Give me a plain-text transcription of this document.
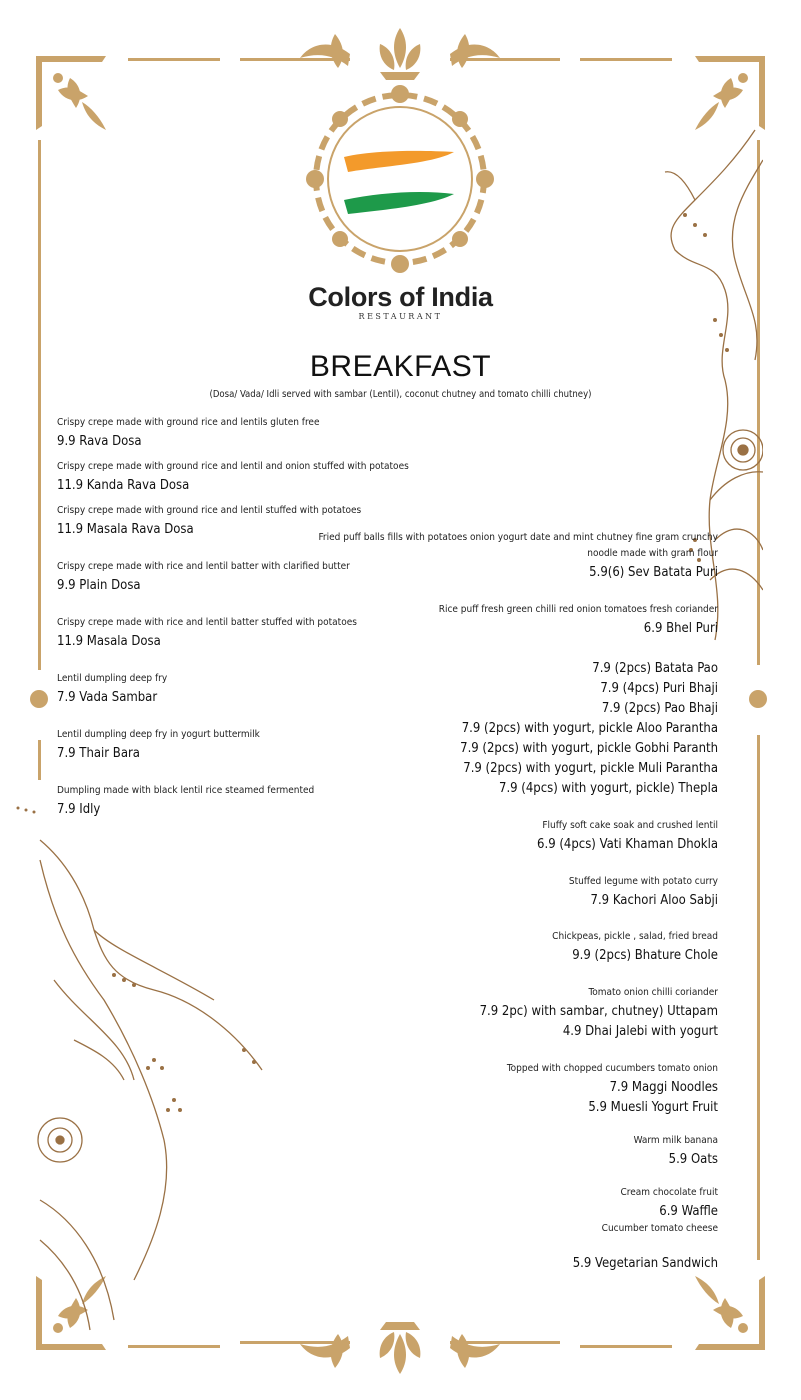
Colors of India
RESTAURANT
BREAKFAST
(Dosa/ Vada/ Idli served with sambar (Lentil), coconut chutney and tomato chilli chutney)
Crispy crepe made with ground rice and lentils gluten free
9.9 Rava Dosa
Crispy crepe made with ground rice and lentil and onion stuffed with potatoes
11.9 Kanda Rava Dosa
Crispy crepe made with ground rice and lentil stuffed with potatoes
11.9 Masala Rava Dosa
Crispy crepe made with rice and lentil batter with clarified butter
9.9 Plain Dosa
Crispy crepe made with rice and lentil batter stuffed with potatoes
11.9 Masala Dosa
Lentil dumpling deep fry
7.9 Vada Sambar
Lentil dumpling deep fry in yogurt buttermilk
7.9 Thair Bara
Dumpling made with black lentil rice steamed fermented
7.9 Idly
Fried puff balls fills with potatoes onion yogurt date and mint chutney fine gram crunchy
noodle made with gram flour
5.9(6) Sev Batata Puri
Rice puff fresh green chilli red onion tomatoes fresh coriander
6.9 Bhel Puri
7.9 (2pcs) Batata Pao
7.9 (4pcs) Puri Bhaji
7.9 (2pcs) Pao Bhaji
7.9 (2pcs) with yogurt, pickle Aloo Parantha
7.9 (2pcs) with yogurt, pickle Gobhi Paranth
7.9 (2pcs) with yogurt, pickle Muli Parantha
7.9 (4pcs) with yogurt, pickle) Thepla
Fluffy soft cake soak and crushed lentil
6.9 (4pcs) Vati Khaman Dhokla
Stuffed legume with potato curry
7.9 Kachori Aloo Sabji
Chickpeas, pickle , salad, fried bread
9.9 (2pcs) Bhature Chole
Tomato onion chilli coriander
7.9 2pc) with sambar, chutney) Uttapam
4.9 Dhai Jalebi with yogurt
Topped with chopped cucumbers tomato onion
7.9 Maggi Noodles
5.9 Muesli Yogurt Fruit
Warm milk banana
5.9 Oats
Cream chocolate fruit
6.9 Waffle
Cucumber tomato cheese
5.9 Vegetarian Sandwich
